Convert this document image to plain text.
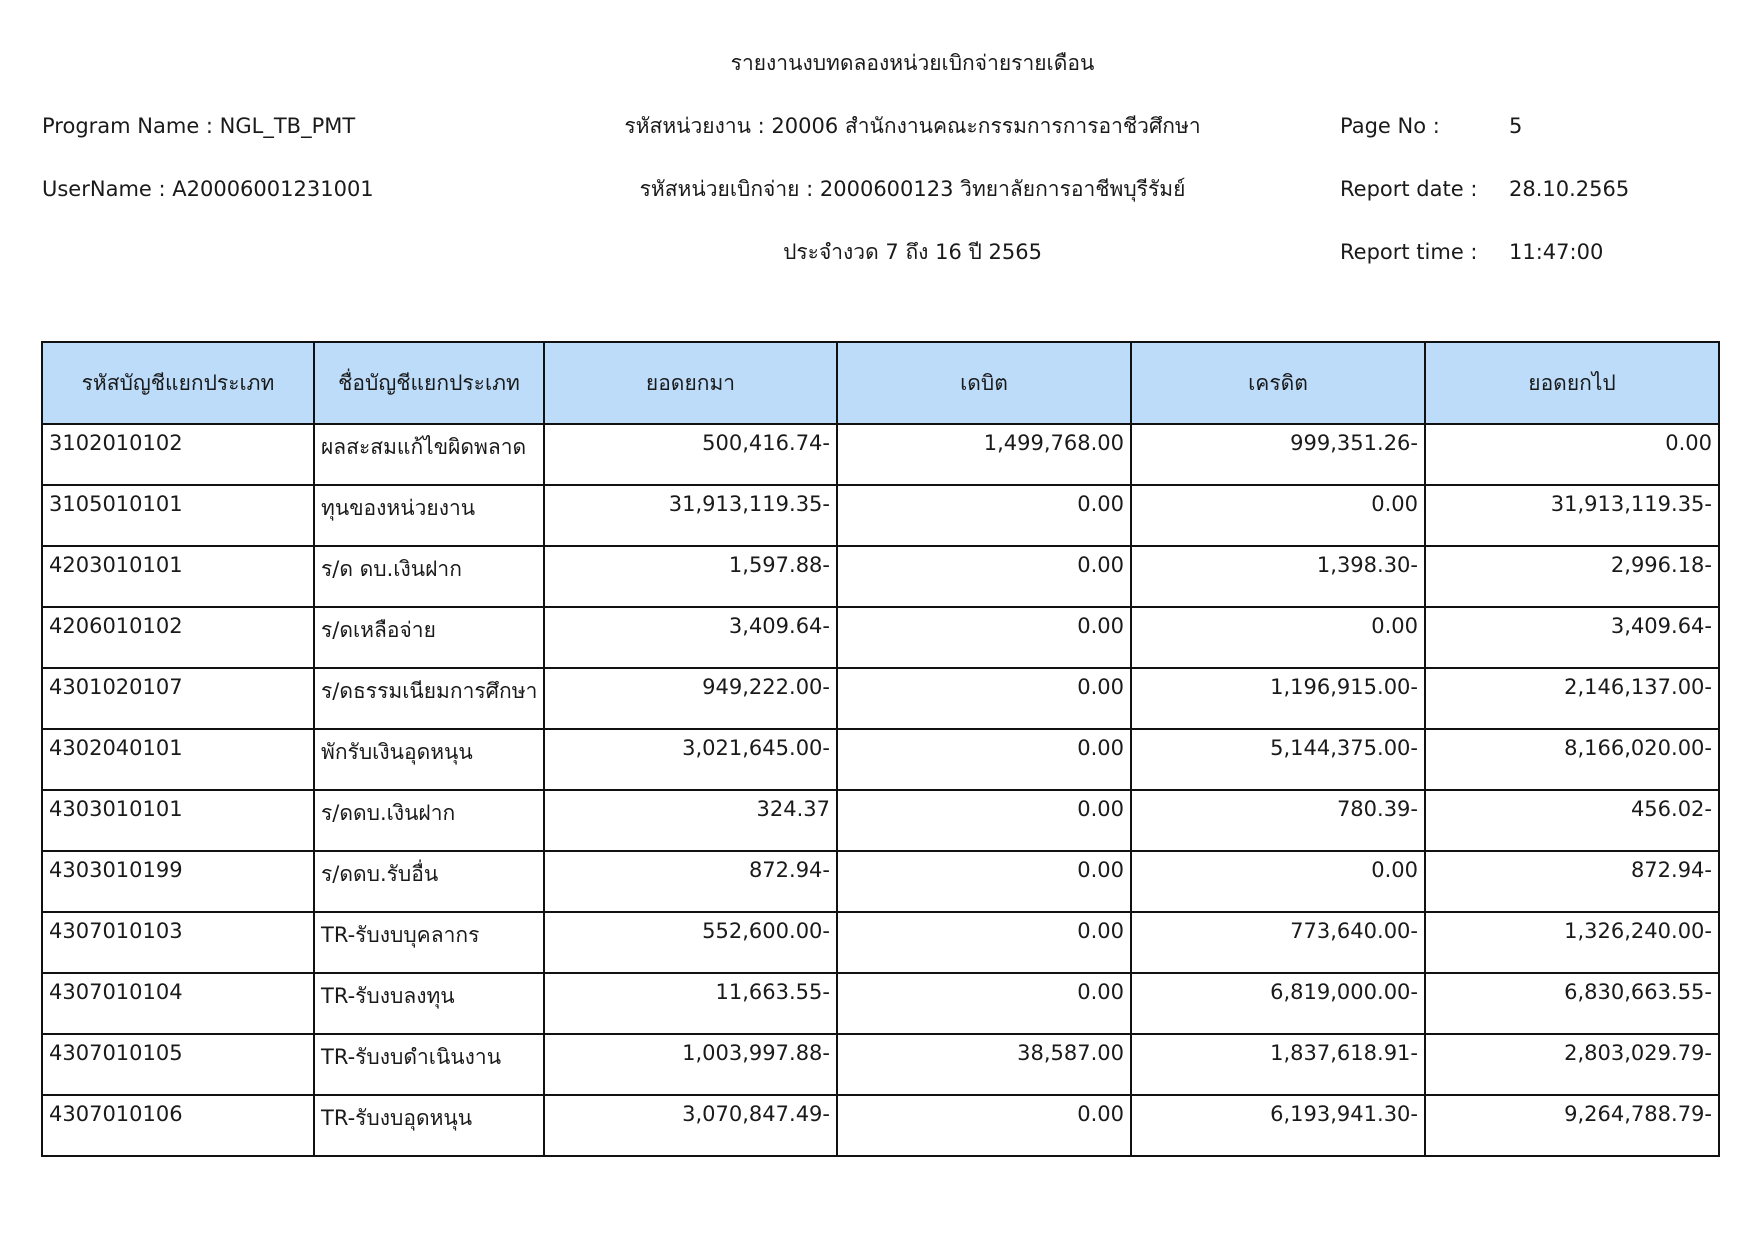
รายงานงบทดลองหน่วยเบิกจ่ายรายเดือน
Program Name : NGL_TB_PMT
UserName : A20006001231001
รหัสหน่วยงาน : 20006 สำนักงานคณะกรรมการการอาชีวศึกษา
รหัสหน่วยเบิกจ่าย : 2000600123 วิทยาลัยการอาชีพบุรีรัมย์
ประจำงวด 7 ถึง 16 ปี 2565
Page No :	5
Report date : 28.10.2565
Report time : 11:47:00
รหัสบัญชีแยกประเภท	ชื่อบัญชีแยกประเภท	ยอดยกมา	เดบิต	เครดิต	ยอดยกไป
3102010102	ผลสะสมแก้ไขผิดพลาด	500,416.74-	1,499,768.00	999,351.26-	0.00
3105010101	ทุนของหน่วยงาน	31,913,119.35-	0.00	0.00	31,913,119.35-
4203010101	ร/ด ดบ.เงินฝาก	1,597.88-	0.00	1,398.30-	2,996.18-
4206010102	ร/ดเหลือจ่าย	3,409.64-	0.00	0.00	3,409.64-
4301020107	ร/ดธรรมเนียมการศึกษา	949,222.00-	0.00	1,196,915.00-	2,146,137.00-
4302040101	พักรับเงินอุดหนุน	3,021,645.00-	0.00	5,144,375.00-	8,166,020.00-
4303010101	ร/ดดบ.เงินฝาก	324.37	0.00	780.39-	456.02-
4303010199	ร/ดดบ.รับอื่น	872.94-	0.00	0.00	872.94-
4307010103	TR-รับงบบุคลากร	552,600.00-	0.00	773,640.00-	1,326,240.00-
4307010104	TR-รับงบลงทุน	11,663.55-	0.00	6,819,000.00-	6,830,663.55-
4307010105	TR-รับงบดำเนินงาน	1,003,997.88-	38,587.00	1,837,618.91-	2,803,029.79-
4307010106	TR-รับงบอุดหนุน	3,070,847.49-	0.00	6,193,941.30-	9,264,788.79-
